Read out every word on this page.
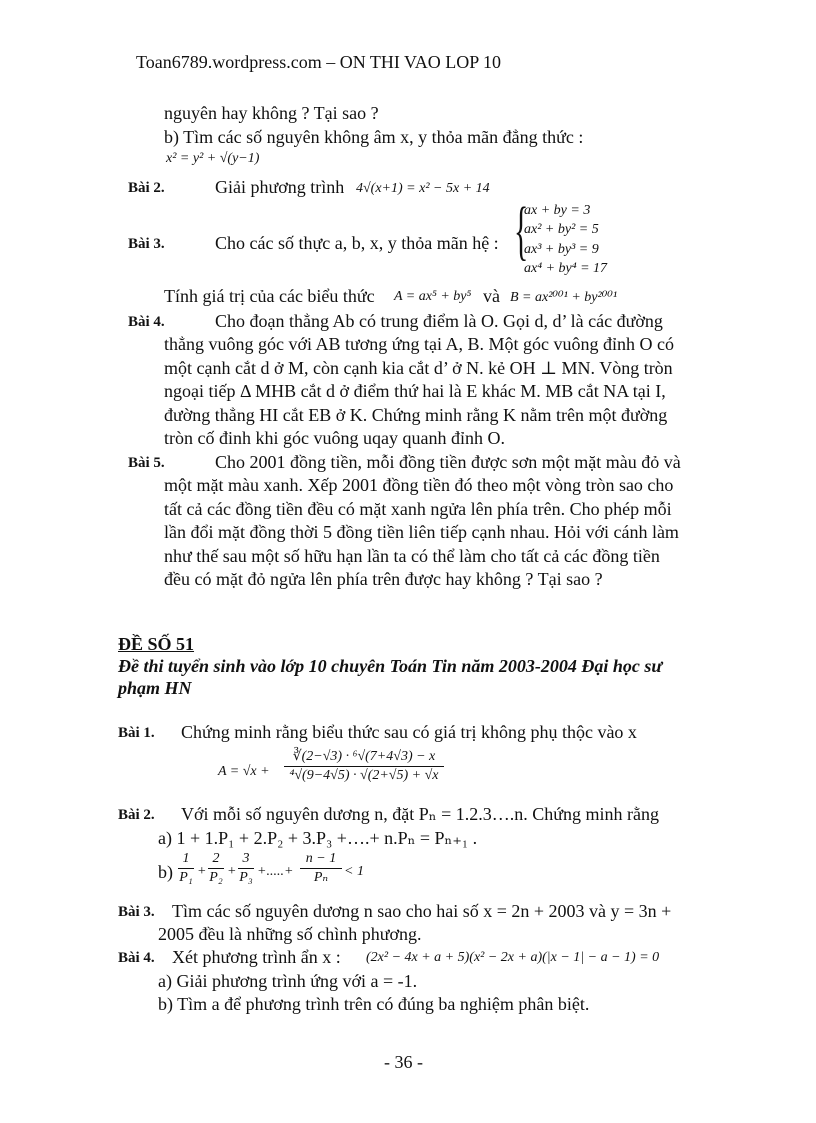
Toan6789.wordpress.com – ON THI VAO LOP 10
nguyên hay không ? Tại sao ?
b) Tìm các số nguyên không âm x, y thỏa mãn đẳng thức :
x² = y² + √(y−1)
Bài 2.	Giải phương trình 4√(x+1) = x² − 5x + 14
Bài 3.	Cho các số thực a, b, x, y thỏa mãn hệ : {
ax + by = 3
ax² + by² = 5
ax³ + by³ = 9
ax⁴ + by⁴ = 17
Tính giá trị của các biểu thức A = ax⁵ + by⁵ và B = ax²⁰⁰¹ + by²⁰⁰¹
Bài 4.	Cho đoạn thẳng Ab có trung điểm là O. Gọi d, d’ là các đường
thẳng vuông góc với AB tương ứng tại A, B. Một góc vuông đỉnh O có
một cạnh cắt d ở M, còn cạnh kia cắt d’ ở N. kẻ OH ⊥ MN. Vòng tròn
ngoại tiếp Δ MHB cắt d ở điểm thứ hai là E khác M. MB cắt NA tại I,
đường thẳng HI cắt EB ở K. Chứng minh rằng K nằm trên một đường
tròn cố đinh khi góc vuông uqay quanh đỉnh O.
Bài 5.	Cho 2001 đồng tiền, mỗi đồng tiền được sơn một mặt màu đỏ và
một mặt màu xanh. Xếp 2001 đồng tiền đó theo một vòng tròn sao cho
tất cả các đồng tiền đều có mặt xanh ngửa lên phía trên. Cho phép mỗi
lần đổi mặt đồng thời 5 đồng tiền liên tiếp cạnh nhau. Hỏi với cánh làm
như thế sau một số hữu hạn lần ta có thể làm cho tất cả các đồng tiền
đều có mặt đỏ ngửa lên phía trên được hay không ? Tại sao ?
ĐỀ SỐ 51
Đề thi tuyển sinh vào lớp 10 chuyên Toán Tin năm 2003-2004 Đại học sư
phạm HN
Bài 1. Chứng minh rằng biểu thức sau có giá trị không phụ thộc vào x
$A = √x + \frac{\text{∛(2−√3) · ⁶√(7+4√3) − x}}{\text{⁴√(9−4√5) · √(2+√5) + √x}}$
Bài 2. Với mỗi số nguyên dương n, đặt Pₙ = 1.2.3….n. Chứng minh rằng
a) 1 + 1.P₁ + 2.P₂ + 3.P₃ +….+ n.Pₙ = Pₙ₊₁ .
$b) \frac{1}{\text{P₁}} + \frac{2}{\text{P₂}} + \frac{3}{\text{P₃}}$ +.....+ $\frac{n - 1}{\text{Pₙ}} < 1$
Bài 3. Tìm các số nguyên dương n sao cho hai số x = 2n + 2003 và y = 3n +
2005 đều là những số chình phương.
Bài 4. Xét phương trình ẩn x : (2x² − 4x + a + 5)(x² − 2x + a)(|x − 1| − a − 1) = 0
a) Giải phương trình ứng với a = -1.
b) Tìm a để phương trình trên có đúng ba nghiệm phân biệt.
- 36 -
